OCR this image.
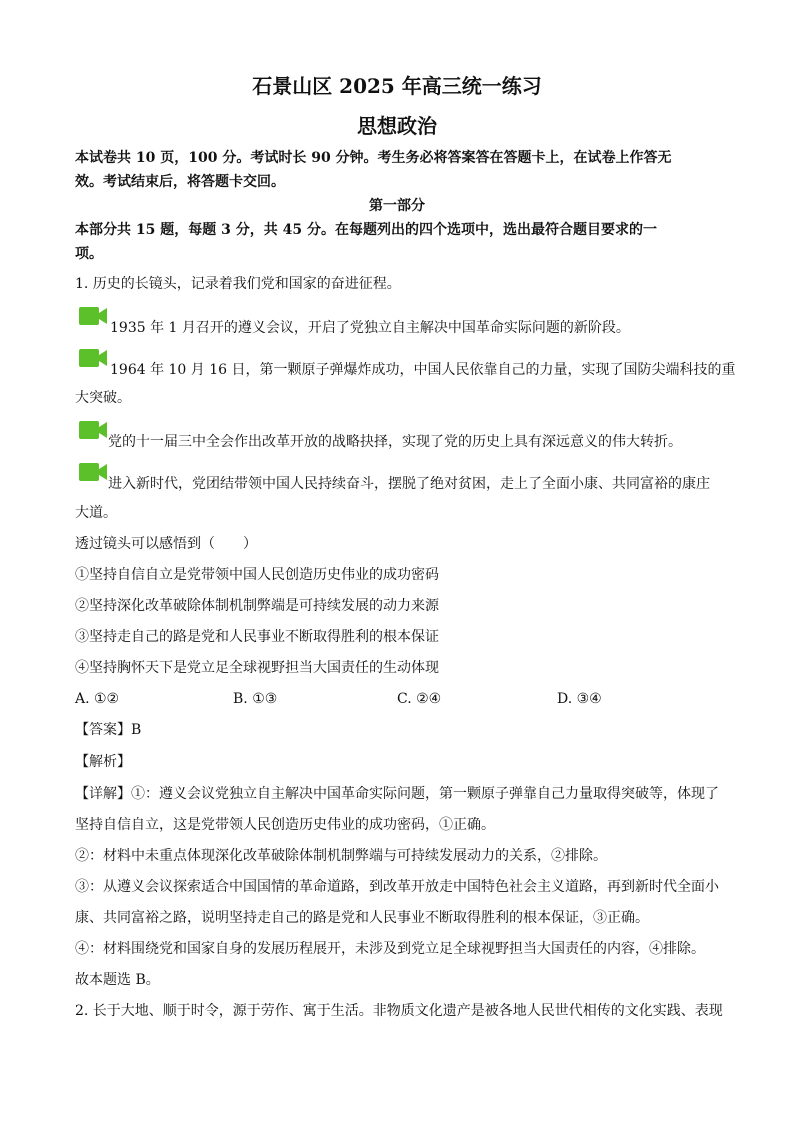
石景山区 2025 年高三统一练习
思想政治
本试卷共 10 页，100 分。考试时长 90 分钟。考生务必将答案答在答题卡上，在试卷上作答无
效。考试结束后，将答题卡交回。
第一部分
本部分共 15 题，每题 3 分，共 45 分。在每题列出的四个选项中，选出最符合题目要求的一
项。
1. 历史的长镜头，记录着我们党和国家的奋进征程。
1935 年 1 月召开的遵义会议，开启了党独立自主解决中国革命实际问题的新阶段。
1964 年 10 月 16 日，第一颗原子弹爆炸成功，中国人民依靠自己的力量，实现了国防尖端科技的重
大突破。
党的十一届三中全会作出改革开放的战略抉择，实现了党的历史上具有深远意义的伟大转折。
进入新时代，党团结带领中国人民持续奋斗，摆脱了绝对贫困，走上了全面小康、共同富裕的康庄
大道。
透过镜头可以感悟到（　　）
①坚持自信自立是党带领中国人民创造历史伟业的成功密码
②坚持深化改革破除体制机制弊端是可持续发展的动力来源
③坚持走自己的路是党和人民事业不断取得胜利的根本保证
④坚持胸怀天下是党立足全球视野担当大国责任的生动体现
A. ①②	B. ①③	C. ②④	D. ③④
【答案】B
【解析】
【详解】①：遵义会议党独立自主解决中国革命实际问题，第一颗原子弹靠自己力量取得突破等，体现了
坚持自信自立，这是党带领人民创造历史伟业的成功密码，①正确。
②：材料中未重点体现深化改革破除体制机制弊端与可持续发展动力的关系，②排除。
③：从遵义会议探索适合中国国情的革命道路，到改革开放走中国特色社会主义道路，再到新时代全面小
康、共同富裕之路，说明坚持走自己的路是党和人民事业不断取得胜利的根本保证，③正确。
④：材料围绕党和国家自身的发展历程展开，未涉及到党立足全球视野担当大国责任的内容，④排除。
故本题选 B。
2. 长于大地、顺于时令，源于劳作、寓于生活。非物质文化遗产是被各地人民世代相传的文化实践、表现
